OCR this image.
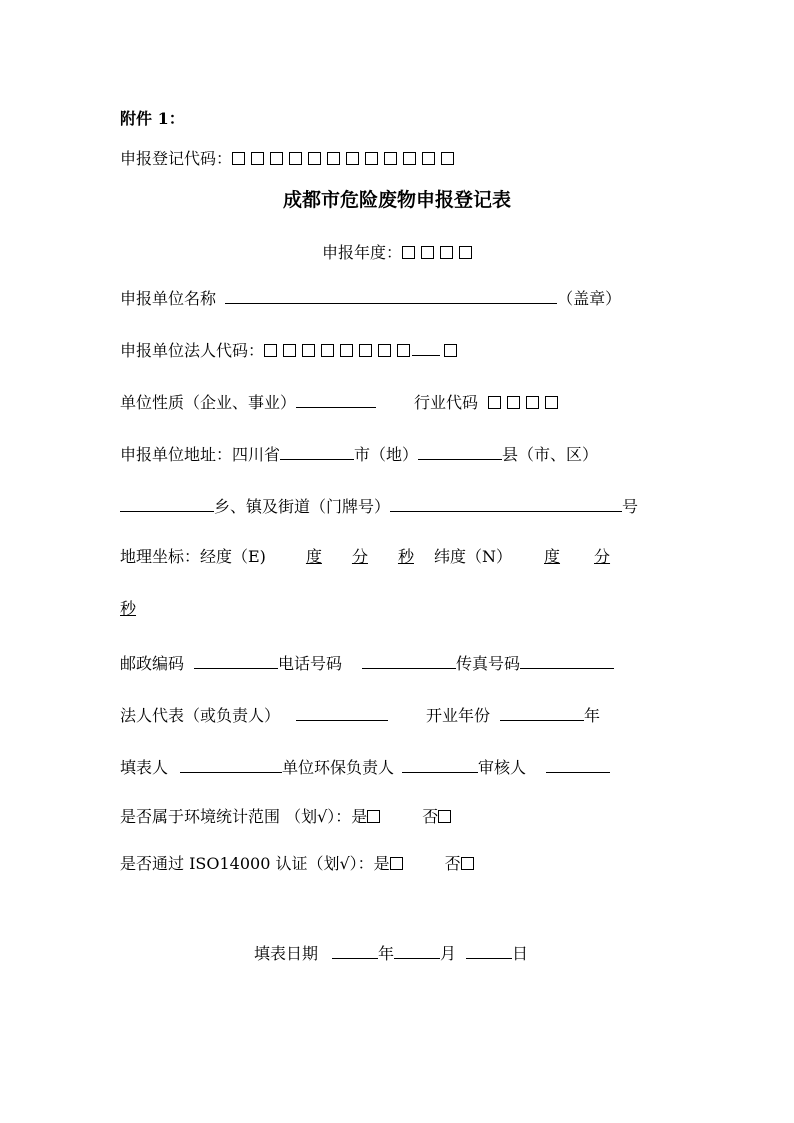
附件 1：
申报登记代码：
成都市危险废物申报登记表
申报年度：
申报单位名称	（盖章）
申报单位法人代码：
单位性质（企业、事业）	行业代码
申报单位地址：四川省	市（地）	县（市、区）
乡、镇及街道（门牌号）	号
地理坐标：经度（E)	度 分 秒 纬度（N） 度 分
秒
邮政编码	电话号码	传真号码
法人代表（或负责人）	开业年份	年
填表人	单位环保负责人	审核人
是否属于环境统计范围 （划√）：是	否
是否通过 ISO14000 认证（划√）：是	否
填表日期	年	月	日
